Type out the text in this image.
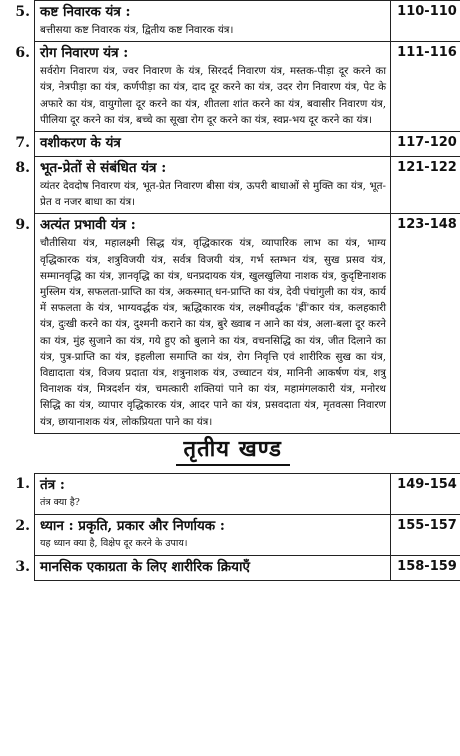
5.	कष्ट निवारक यंत्र :
बत्तीसया कष्ट निवारक यंत्र, द्वितीय कष्ट निवारक यंत्र।	110-110
6.	रोग निवारण यंत्र :
सर्वरोग निवारण यंत्र, ज्वर निवारण के यंत्र, सिरदर्द निवारण यंत्र, मस्तक-पीड़ा दूर करने का यंत्र, नेत्रपीड़ा का यंत्र, कर्णपीड़ा का यंत्र, दाद दूर करने का यंत्र, उदर रोग निवारण यंत्र, पेट के अफारे का यंत्र, वायुगोला दूर करने का यंत्र, शीतला शांत करने का यंत्र, बवासीर निवारण यंत्र, पीलिया दूर करने का यंत्र, बच्चे का सूखा रोग दूर करने का यंत्र, स्वप्न-भय दूर करने का यंत्र।	111-116
7.	वशीकरण के यंत्र	117-120
8.	भूत-प्रेतों से संबंधित यंत्र :
व्यंतर देवदोष निवारण यंत्र, भूत-प्रेत निवारण बीसा यंत्र, ऊपरी बाधाओं से मुक्ति का यंत्र, भूत-प्रेत व नजर बाधा का यंत्र।	121-122
9.	अत्यंत प्रभावी यंत्र :
चौतीसिया यंत्र, महालक्ष्मी सिद्ध यंत्र, वृद्धिकारक यंत्र, व्यापारिक लाभ का यंत्र, भाग्य वृद्धिकारक यंत्र, शत्रुविजयी यंत्र, सर्वत्र विजयी यंत्र, गर्भ स्तम्भन यंत्र, सुख प्रसव यंत्र, सम्मानवृद्धि का यंत्र, ज्ञानवृद्धि का यंत्र, धनप्रदायक यंत्र, खुलखुलिया नाशक यंत्र, कुदृष्टिनाशक मुस्लिम यंत्र, सफलता-प्राप्ति का यंत्र, अकस्मात् धन-प्राप्ति का यंत्र, देवी पंचांगुली का यंत्र, कार्य में सफलता के यंत्र, भाग्यवर्द्धक यंत्र, ऋद्धिकारक यंत्र, लक्ष्मीवर्द्धक 'ह्रीं'कार यंत्र, कलहकारी यंत्र, दुःखी करने का यंत्र, दुश्मनी कराने का यंत्र, बुरे ख्वाब न आने का यंत्र, अला-बला दूर करने का यंत्र, मुंह सुजाने का यंत्र, गये हुए को बुलाने का यंत्र, वचनसिद्धि का यंत्र, जीत दिलाने का यंत्र, पुत्र-प्राप्ति का यंत्र, इहलीला समाप्ति का यंत्र, रोग निवृत्ति एवं शारीरिक सुख का यंत्र, विद्यादाता यंत्र, विजय प्रदाता यंत्र, शत्रुनाशक यंत्र, उच्चाटन यंत्र, मानिनी आकर्षण यंत्र, शत्रु विनाशक यंत्र, मित्रदर्शन यंत्र, चमत्कारी शक्तियां पाने का यंत्र, महामंगलकारी यंत्र, मनोरथ सिद्धि का यंत्र, व्यापार वृद्धिकारक यंत्र, आदर पाने का यंत्र, प्रसवदाता यंत्र, मृतवत्सा निवारण यंत्र, छायानाशक यंत्र, लोकप्रियता पाने का यंत्र।	123-148
तृतीय खण्ड		
1.	तंत्र :
तंत्र क्या है?	149-154
2.	ध्यान : प्रकृति, प्रकार और निर्णायक :
यह ध्यान क्या है, विक्षेप दूर करने के उपाय।	155-157
3.	मानसिक एकाग्रता के लिए शारीरिक क्रियाएँ	158-159
